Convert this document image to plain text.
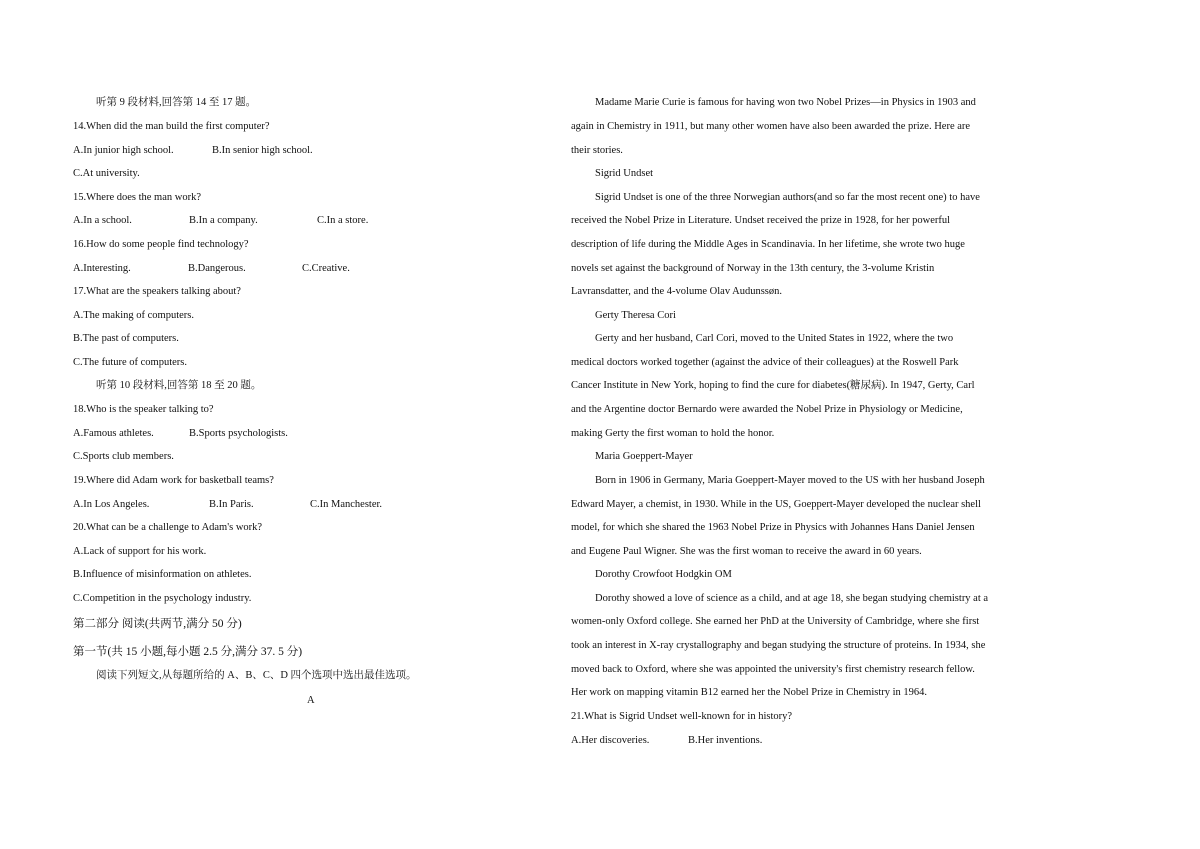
听第 9 段材料,回答第 14 至 17 题。
14.When did the man build the first computer?
A.In junior high school.	B.In senior high school.
C.At university.
15.Where does the man work?
A.In a school.	B.In a company.	C.In a store.
16.How do some people find technology?
A.Interesting.	B.Dangerous.	C.Creative.
17.What are the speakers talking about?
A.The making of computers.
B.The past of computers.
C.The future of computers.
听第 10 段材料,回答第 18 至 20 题。
18.Who is the speaker talking to?
A.Famous athletes.	B.Sports psychologists.
C.Sports club members.
19.Where did Adam work for basketball teams?
A.In Los Angeles.	B.In Paris.	C.In Manchester.
20.What can be a challenge to Adam's work?
A.Lack of support for his work.
B.Influence of misinformation on athletes.
C.Competition in the psychology industry.
第二部分 阅读(共两节,满分 50 分)
第一节(共 15 小题,每小题 2.5 分,满分 37. 5 分)
阅读下列短文,从每题所给的 A、B、C、D 四个选项中选出最佳选项。
A
Madame Marie Curie is famous for having won two Nobel Prizes—in Physics in 1903 and
again in Chemistry in 1911, but many other women have also been awarded the prize. Here are
their stories.
Sigrid Undset
Sigrid Undset is one of the three Norwegian authors(and so far the most recent one) to have
received the Nobel Prize in Literature. Undset received the prize in 1928, for her powerful
description of life during the Middle Ages in Scandinavia. In her lifetime, she wrote two huge
novels set against the background of Norway in the 13th century, the 3-volume Kristin
Lavransdatter, and the 4-volume Olav Audunssøn.
Gerty Theresa Cori
Gerty and her husband, Carl Cori, moved to the United States in 1922, where the two
medical doctors worked together (against the advice of their colleagues) at the Roswell Park
Cancer Institute in New York, hoping to find the cure for diabetes(糖尿病). In 1947, Gerty, Carl
and the Argentine doctor Bernardo were awarded the Nobel Prize in Physiology or Medicine,
making Gerty the first woman to hold the honor.
Maria Goeppert-Mayer
Born in 1906 in Germany, Maria Goeppert-Mayer moved to the US with her husband Joseph
Edward Mayer, a chemist, in 1930. While in the US, Goeppert-Mayer developed the nuclear shell
model, for which she shared the 1963 Nobel Prize in Physics with Johannes Hans Daniel Jensen
and Eugene Paul Wigner. She was the first woman to receive the award in 60 years.
Dorothy Crowfoot Hodgkin OM
Dorothy showed a love of science as a child, and at age 18, she began studying chemistry at a
women-only Oxford college. She earned her PhD at the University of Cambridge, where she first
took an interest in X-ray crystallography and began studying the structure of proteins. In 1934, she
moved back to Oxford, where she was appointed the university's first chemistry research fellow.
Her work on mapping vitamin B12 earned her the Nobel Prize in Chemistry in 1964.
21.What is Sigrid Undset well-known for in history?
A.Her discoveries.	B.Her inventions.
